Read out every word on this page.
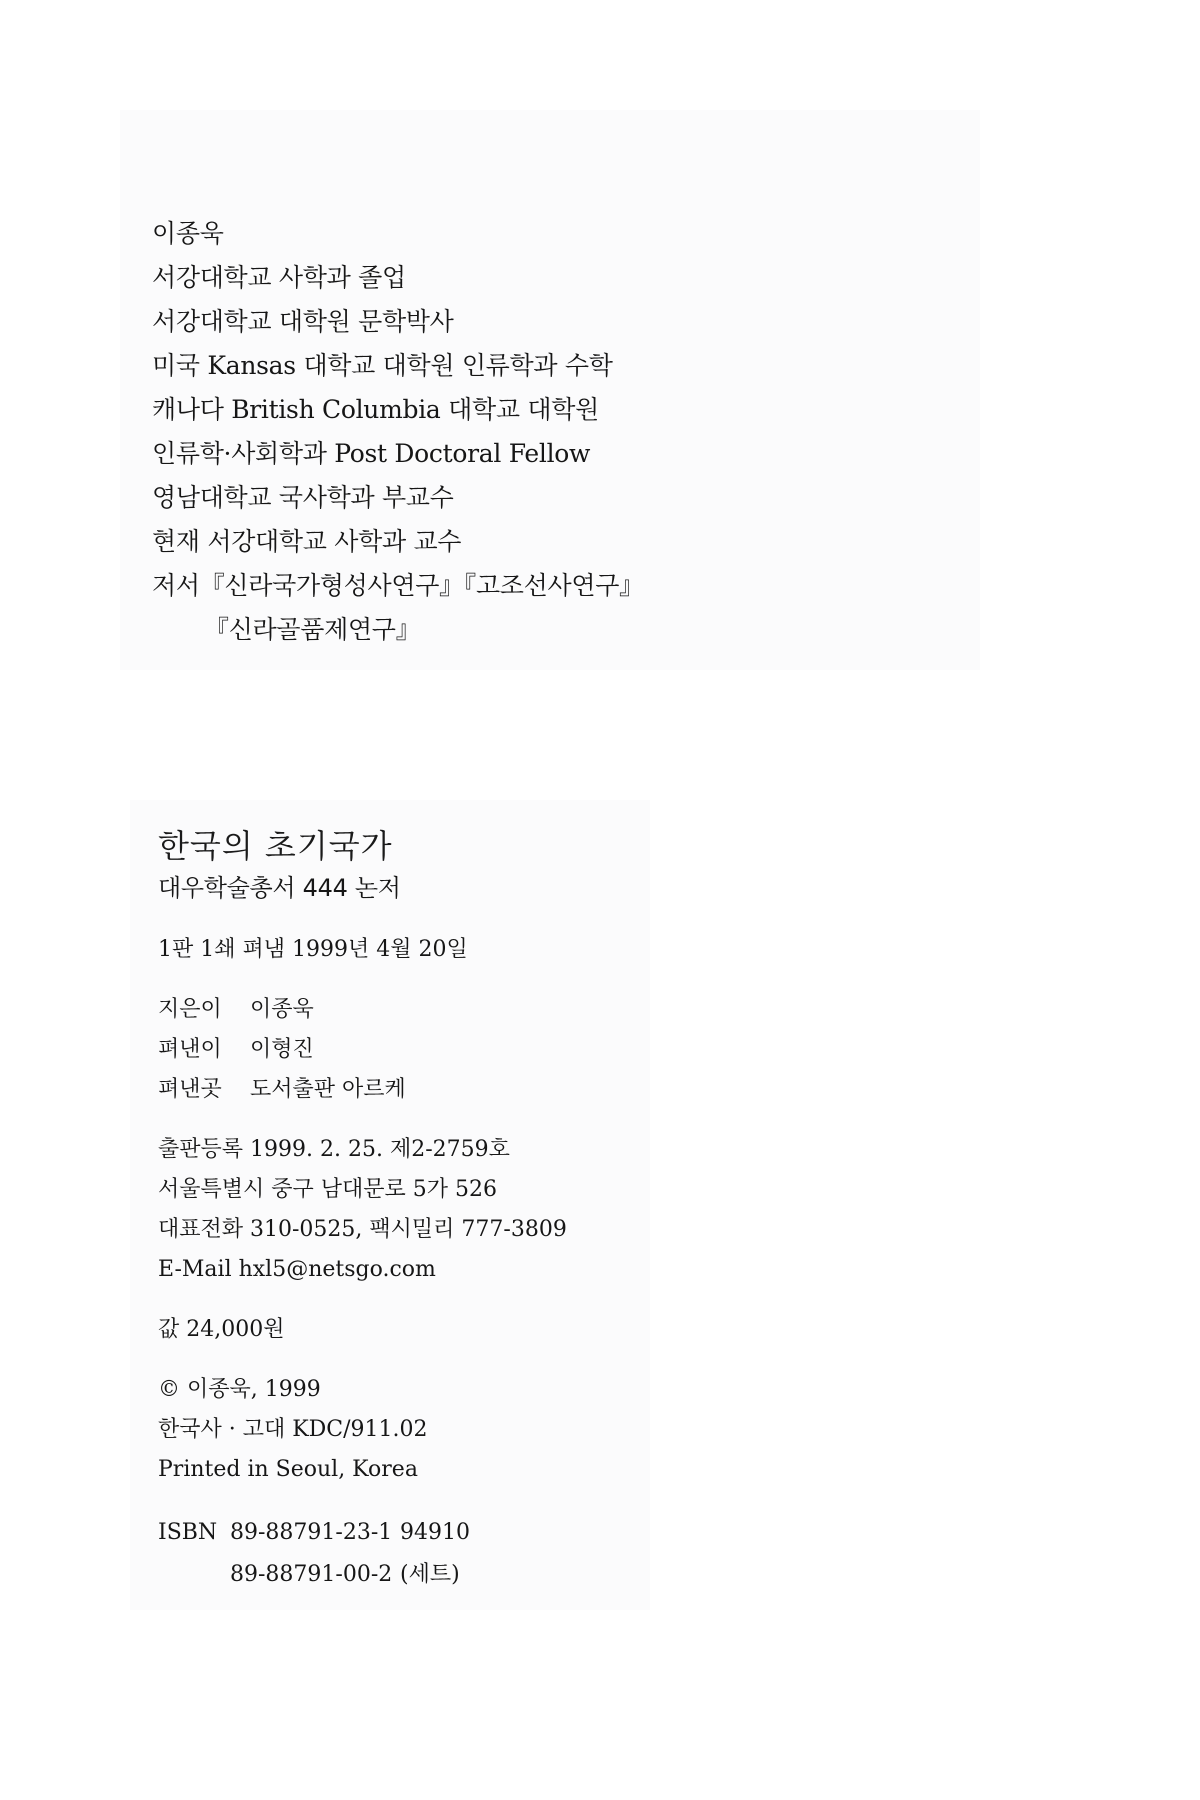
이종욱
서강대학교 사학과 졸업
서강대학교 대학원 문학박사
미국 Kansas 대학교 대학원 인류학과 수학
캐나다 British Columbia 대학교 대학원
인류학·사회학과 Post Doctoral Fellow
영남대학교 국사학과 부교수
현재 서강대학교 사학과 교수
저서『신라국가형성사연구』『고조선사연구』
『신라골품제연구』
한국의 초기국가
대우학술총서 444 논저
1판 1쇄 펴냄 1999년 4월 20일
지은이 이종욱
펴낸이 이형진
펴낸곳 도서출판 아르케
출판등록 1999. 2. 25. 제2-2759호
서울특별시 중구 남대문로 5가 526
대표전화 310-0525, 팩시밀리 777-3809
E-Mail hxl5@netsgo.com
값 24,000원
© 이종욱, 1999
한국사 · 고대 KDC/911.02
Printed in Seoul, Korea
ISBN 89-88791-23-1 94910
89-88791-00-2 (세트)
